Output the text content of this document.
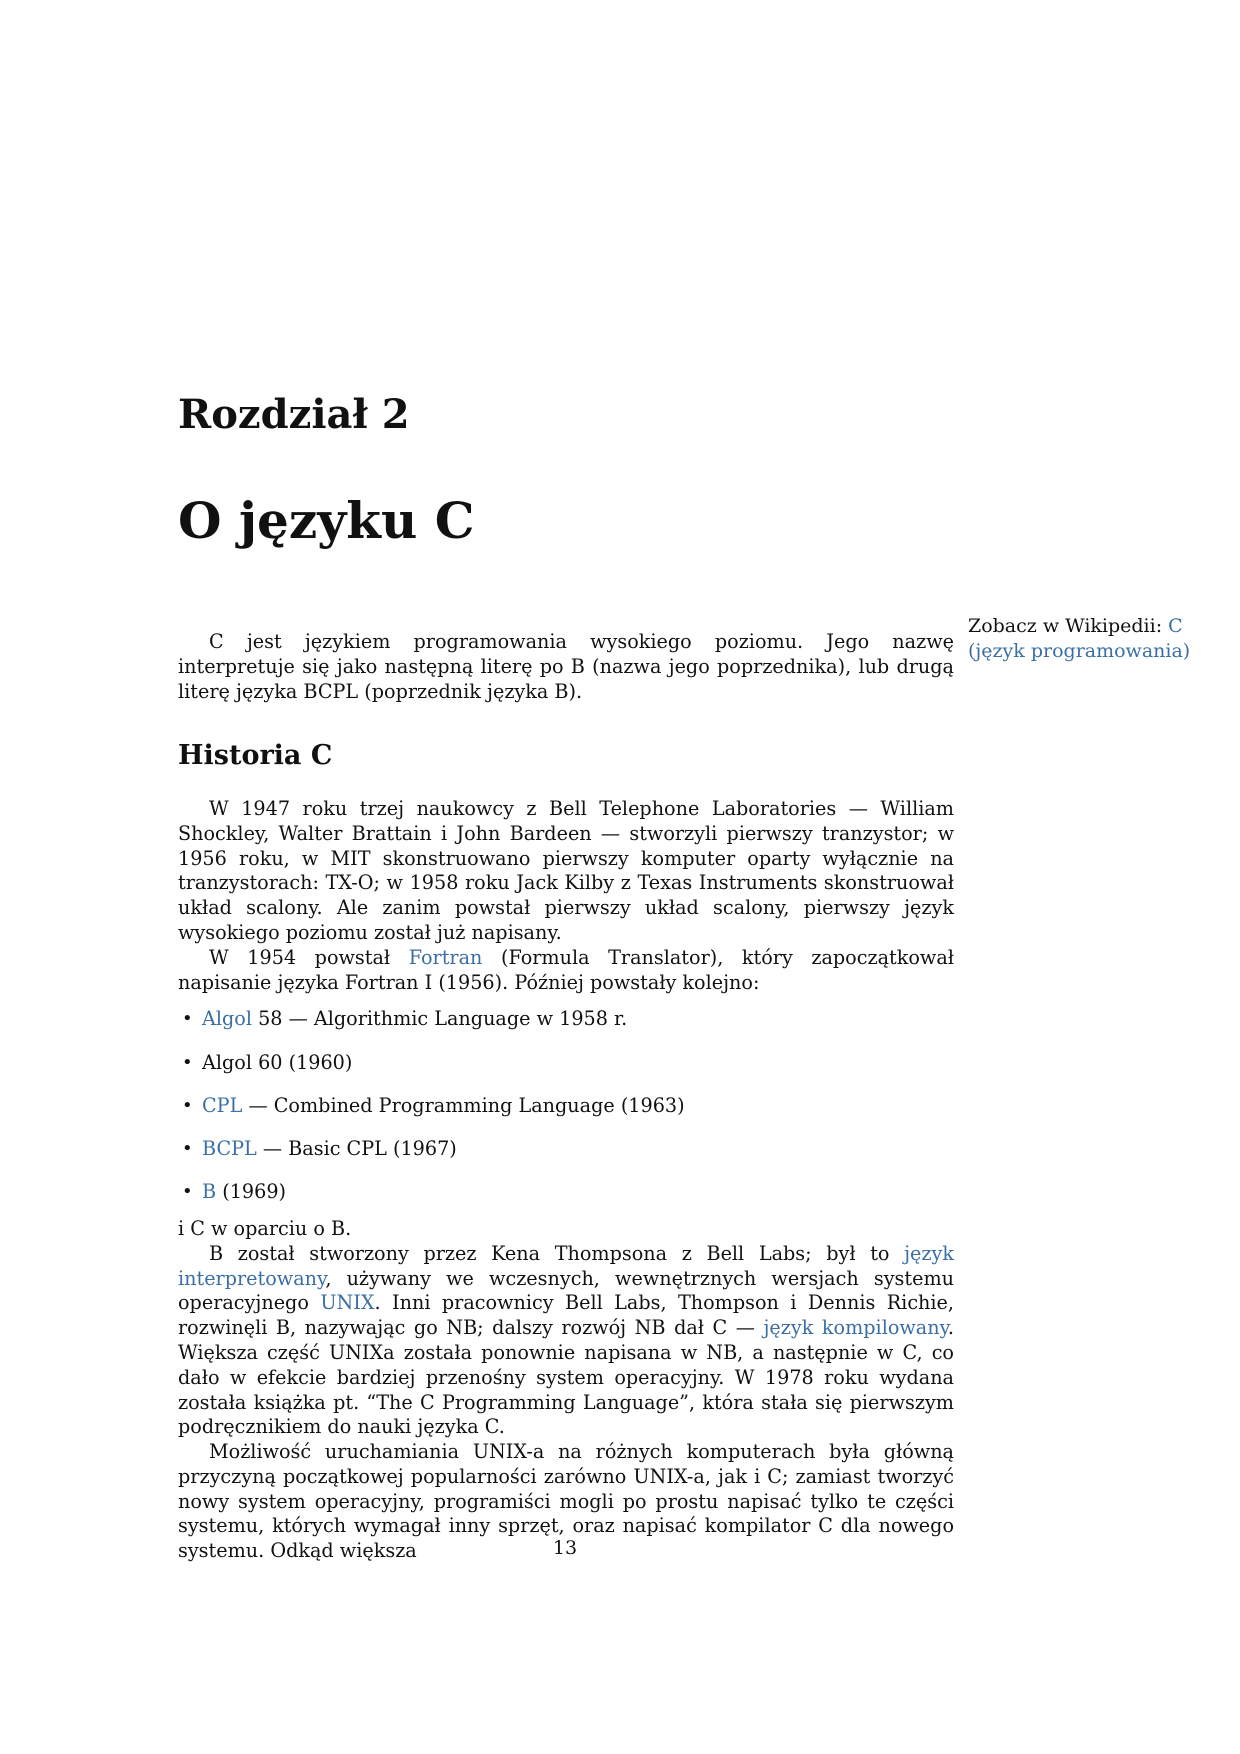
Rozdział 2
O języku C
Zobacz w Wikipedii: C (język programowania)

C jest językiem programowania wysokiego poziomu. Jego nazwę interpretuje się jako następną literę po B (nazwa jego poprzednika), lub drugą literę języka BCPL (poprzednik języka B).

Historia C

W 1947 roku trzej naukowcy z Bell Telephone Laboratories — William Shockley, Walter Brattain i John Bardeen — stworzyli pierwszy tranzystor; w 1956 roku, w MIT skonstruowano pierwszy komputer oparty wyłącznie na tranzystorach: TX-O; w 1958 roku Jack Kilby z Texas Instruments skonstruował układ scalony. Ale zanim powstał pierwszy układ scalony, pierwszy język wysokiego poziomu został już napisany.

W 1954 powstał Fortran (Formula Translator), który zapoczątkował napisanie języka Fortran I (1956). Później powstały kolejno:

• Algol 58 — Algorithmic Language w 1958 r.
• Algol 60 (1960)
• CPL — Combined Programming Language (1963)
• BCPL — Basic CPL (1967)
• B (1969)

i C w oparciu o B.

B został stworzony przez Kena Thompsona z Bell Labs; był to język interpretowany, używany we wczesnych, wewnętrznych wersjach systemu operacyjnego UNIX. Inni pracownicy Bell Labs, Thompson i Dennis Richie, rozwinęli B, nazywając go NB; dalszy rozwój NB dał C — język kompilowany. Większa część UNIXa została ponownie napisana w NB, a następnie w C, co dało w efekcie bardziej przenośny system operacyjny. W 1978 roku wydana została książka pt. “The C Programming Language”, która stała się pierwszym podręcznikiem do nauki języka C.

Możliwość uruchamiania UNIX-a na różnych komputerach była główną przyczyną początkowej popularności zarówno UNIX-a, jak i C; zamiast tworzyć nowy system operacyjny, programiści mogli po prostu napisać tylko te części systemu, których wymagał inny sprzęt, oraz napisać kompilator C dla nowego systemu. Odkąd większa	13
